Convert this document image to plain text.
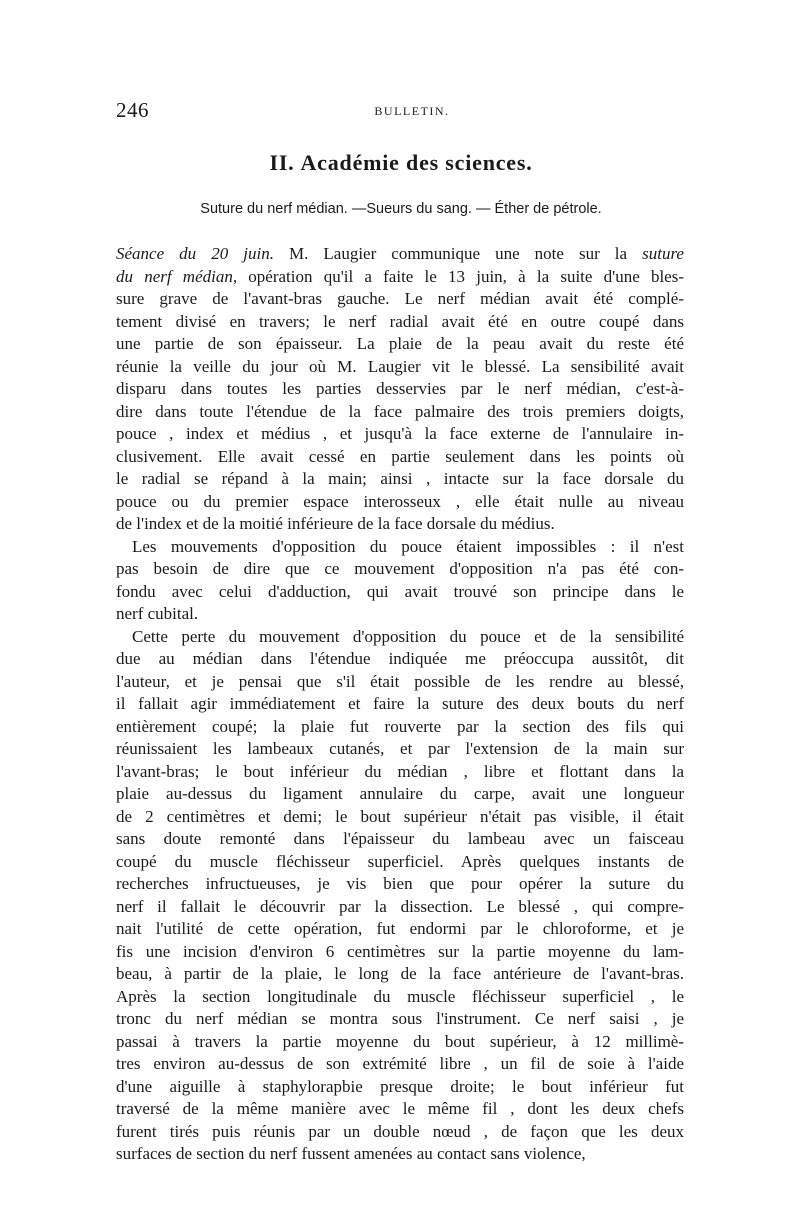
246	BULLETIN.
II. Académie des sciences.
Suture du nerf médian. —Sueurs du sang. — Éther de pétrole.
Séance du 20 juin. M. Laugier communique une note sur la suture
du nerf médian, opération qu'il a faite le 13 juin, à la suite d'une bles-
sure grave de l'avant-bras gauche. Le nerf médian avait été complé-
tement divisé en travers; le nerf radial avait été en outre coupé dans
une partie de son épaisseur. La plaie de la peau avait du reste été
réunie la veille du jour où M. Laugier vit le blessé. La sensibilité avait
disparu dans toutes les parties desservies par le nerf médian, c'est-à-
dire dans toute l'étendue de la face palmaire des trois premiers doigts,
pouce , index et médius , et jusqu'à la face externe de l'annulaire in-
clusivement. Elle avait cessé en partie seulement dans les points où
le radial se répand à la main; ainsi , intacte sur la face dorsale du
pouce ou du premier espace interosseux , elle était nulle au niveau
de l'index et de la moitié inférieure de la face dorsale du médius.
Les mouvements d'opposition du pouce étaient impossibles : il n'est
pas besoin de dire que ce mouvement d'opposition n'a pas été con-
fondu avec celui d'adduction, qui avait trouvé son principe dans le
nerf cubital.
Cette perte du mouvement d'opposition du pouce et de la sensibilité
due au médian dans l'étendue indiquée me préoccupa aussitôt, dit
l'auteur, et je pensai que s'il était possible de les rendre au blessé,
il fallait agir immédiatement et faire la suture des deux bouts du nerf
entièrement coupé; la plaie fut rouverte par la section des fils qui
réunissaient les lambeaux cutanés, et par l'extension de la main sur
l'avant-bras; le bout inférieur du médian , libre et flottant dans la
plaie au-dessus du ligament annulaire du carpe, avait une longueur
de 2 centimètres et demi; le bout supérieur n'était pas visible, il était
sans doute remonté dans l'épaisseur du lambeau avec un faisceau
coupé du muscle fléchisseur superficiel. Après quelques instants de
recherches infructueuses, je vis bien que pour opérer la suture du
nerf il fallait le découvrir par la dissection. Le blessé , qui compre-
nait l'utilité de cette opération, fut endormi par le chloroforme, et je
fis une incision d'environ 6 centimètres sur la partie moyenne du lam-
beau, à partir de la plaie, le long de la face antérieure de l'avant-bras.
Après la section longitudinale du muscle fléchisseur superficiel , le
tronc du nerf médian se montra sous l'instrument. Ce nerf saisi , je
passai à travers la partie moyenne du bout supérieur, à 12 millimè-
tres environ au-dessus de son extrémité libre , un fil de soie à l'aide
d'une aiguille à staphylorapbie presque droite; le bout inférieur fut
traversé de la même manière avec le même fil , dont les deux chefs
furent tirés puis réunis par un double nœud , de façon que les deux
surfaces de section du nerf fussent amenées au contact sans violence,
